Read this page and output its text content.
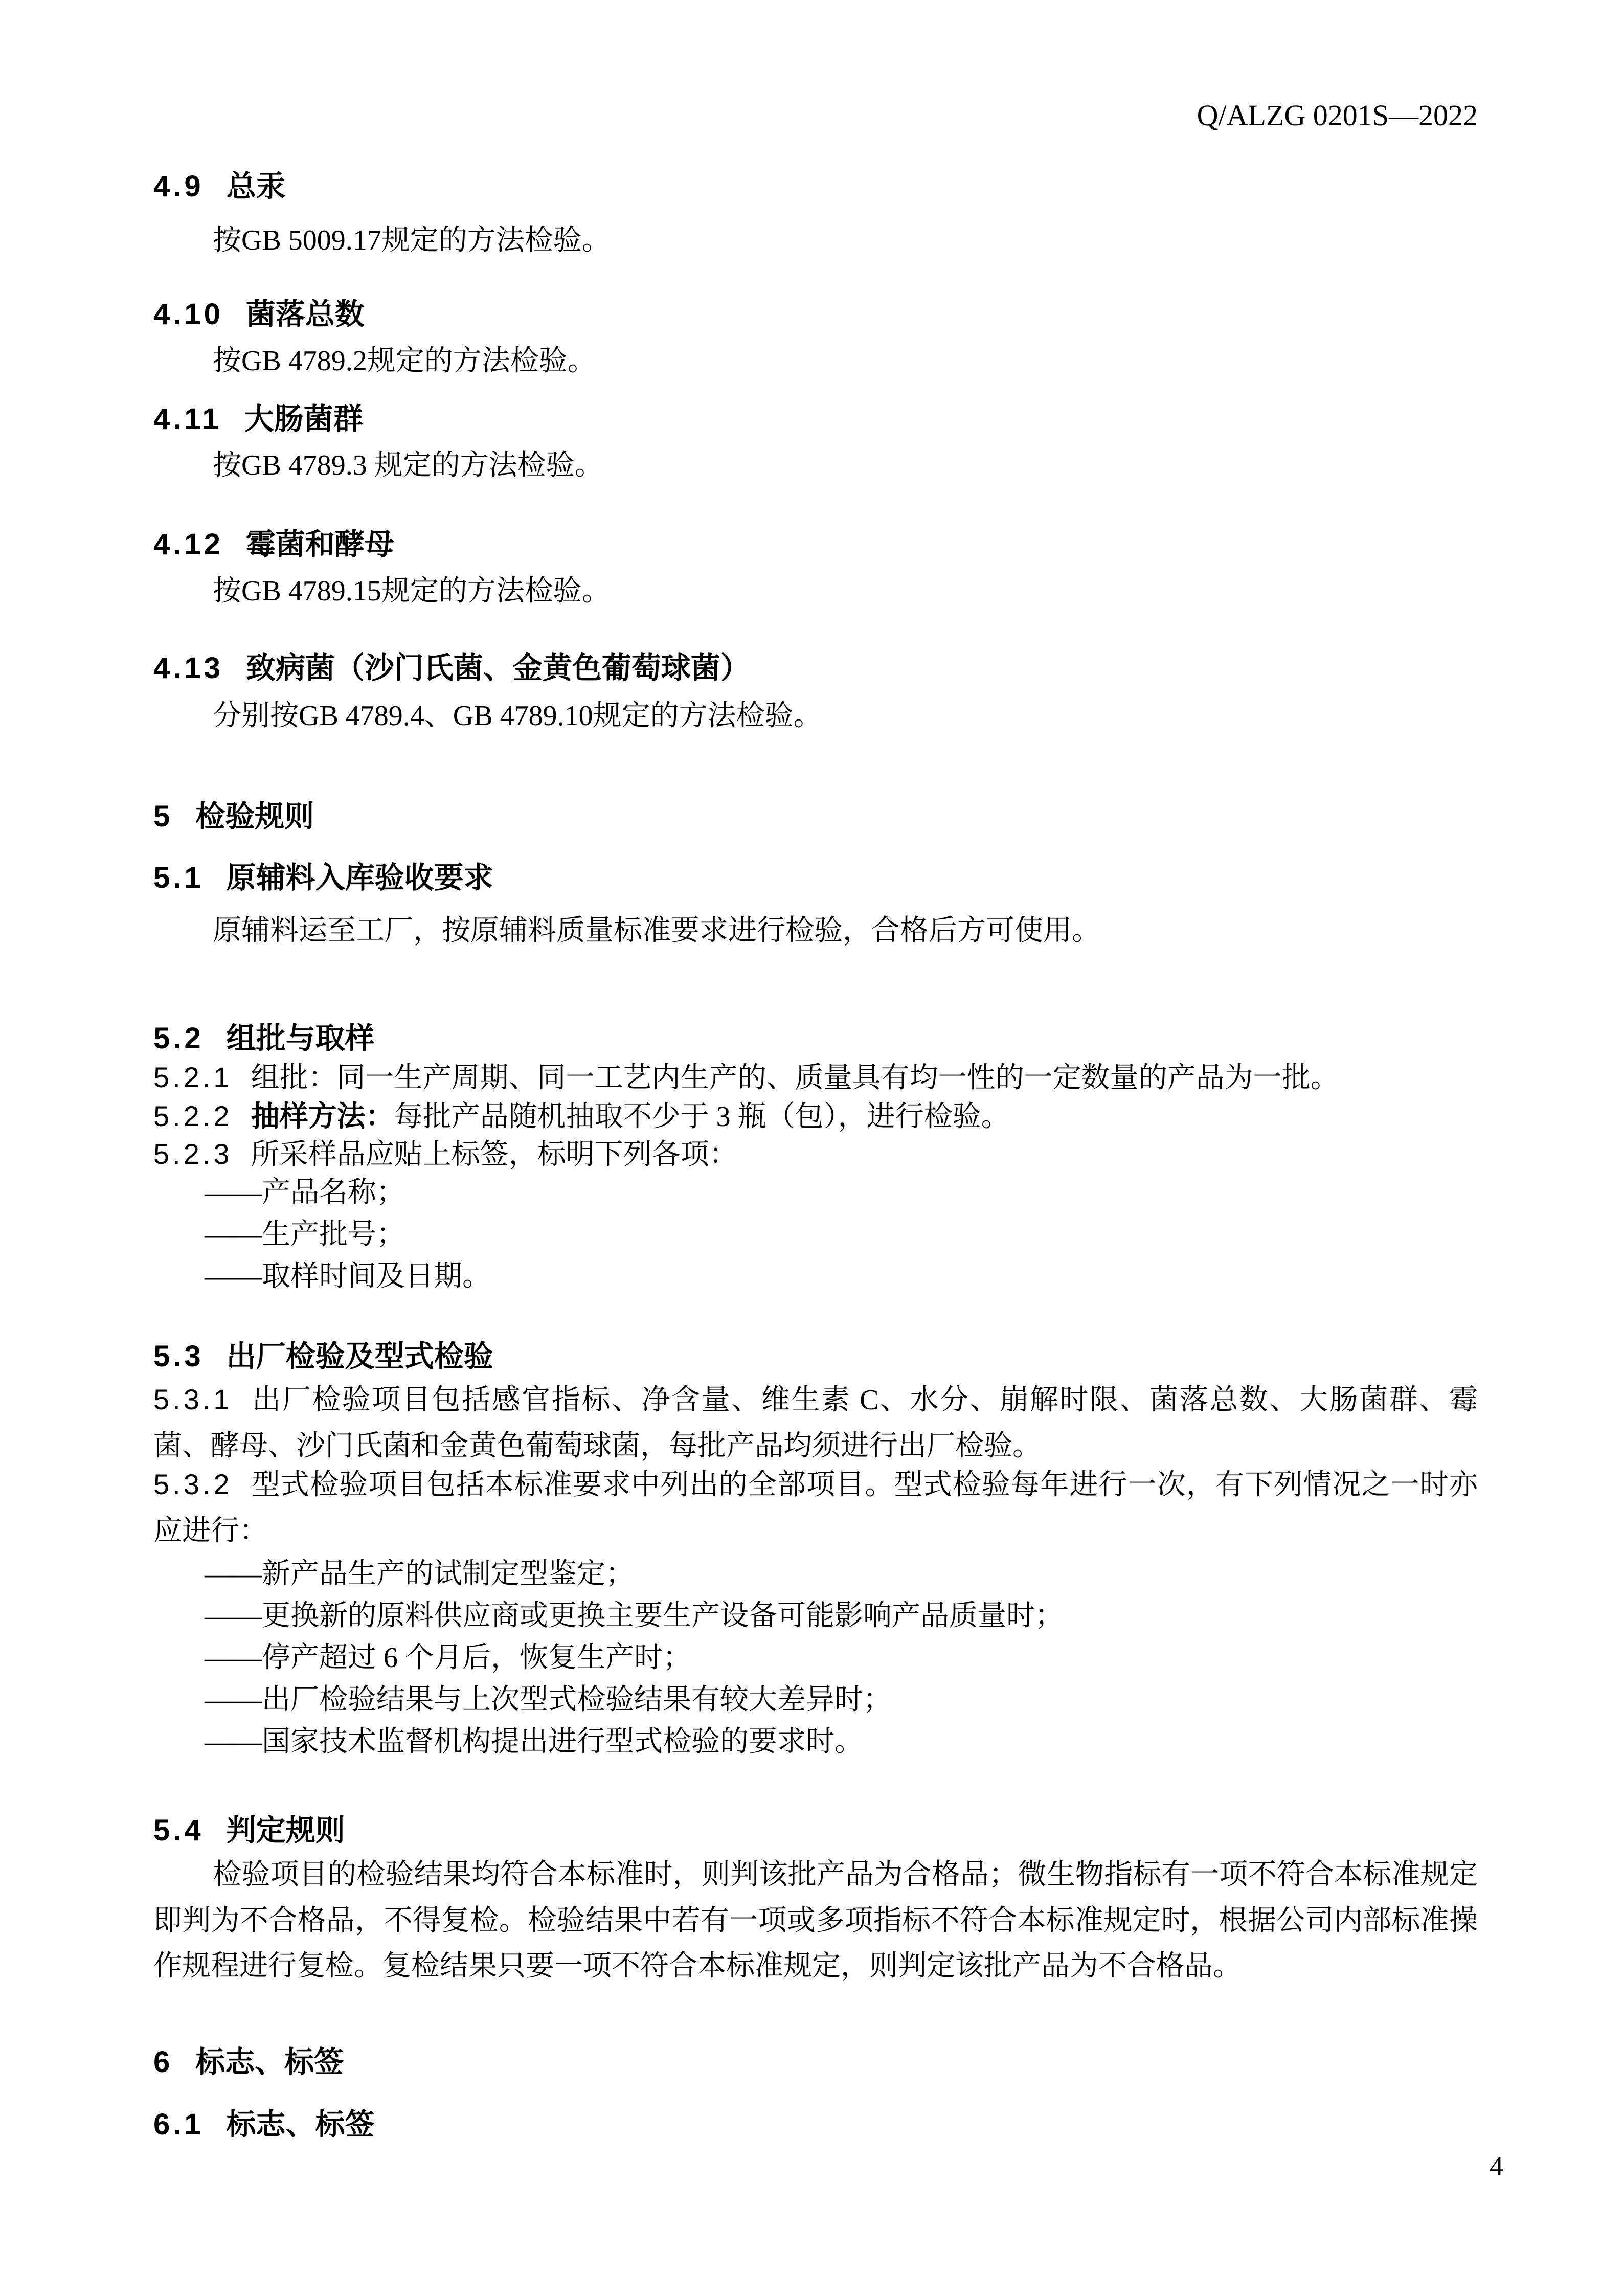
Q/ALZG 0201S—2022
4.9 总汞
按GB 5009.17规定的方法检验。
4.10 菌落总数
按GB 4789.2规定的方法检验。
4.11 大肠菌群
按GB 4789.3 规定的方法检验。
4.12 霉菌和酵母
按GB 4789.15规定的方法检验。
4.13 致病菌（沙门氏菌、金黄色葡萄球菌）
分别按GB 4789.4、GB 4789.10规定的方法检验。
5 检验规则
5.1 原辅料入库验收要求
原辅料运至工厂，按原辅料质量标准要求进行检验，合格后方可使用。
5.2 组批与取样
5.2.1 组批：同一生产周期、同一工艺内生产的、质量具有均一性的一定数量的产品为一批。
5.2.2 抽样方法：每批产品随机抽取不少于 3 瓶（包），进行检验。
5.2.3 所采样品应贴上标签，标明下列各项：
——产品名称；
——生产批号；
——取样时间及日期。
5.3 出厂检验及型式检验
5.3.1 出厂检验项目包括感官指标、净含量、维生素 C、水分、崩解时限、菌落总数、大肠菌群、霉菌、酵母、沙门氏菌和金黄色葡萄球菌，每批产品均须进行出厂检验。
5.3.2 型式检验项目包括本标准要求中列出的全部项目。型式检验每年进行一次，有下列情况之一时亦应进行：
——新产品生产的试制定型鉴定；
——更换新的原料供应商或更换主要生产设备可能影响产品质量时；
——停产超过 6 个月后，恢复生产时；
——出厂检验结果与上次型式检验结果有较大差异时；
——国家技术监督机构提出进行型式检验的要求时。
5.4 判定规则
检验项目的检验结果均符合本标准时，则判该批产品为合格品；微生物指标有一项不符合本标准规定即判为不合格品，不得复检。检验结果中若有一项或多项指标不符合本标准规定时，根据公司内部标准操作规程进行复检。复检结果只要一项不符合本标准规定，则判定该批产品为不合格品。
6 标志、标签
6.1 标志、标签
4
